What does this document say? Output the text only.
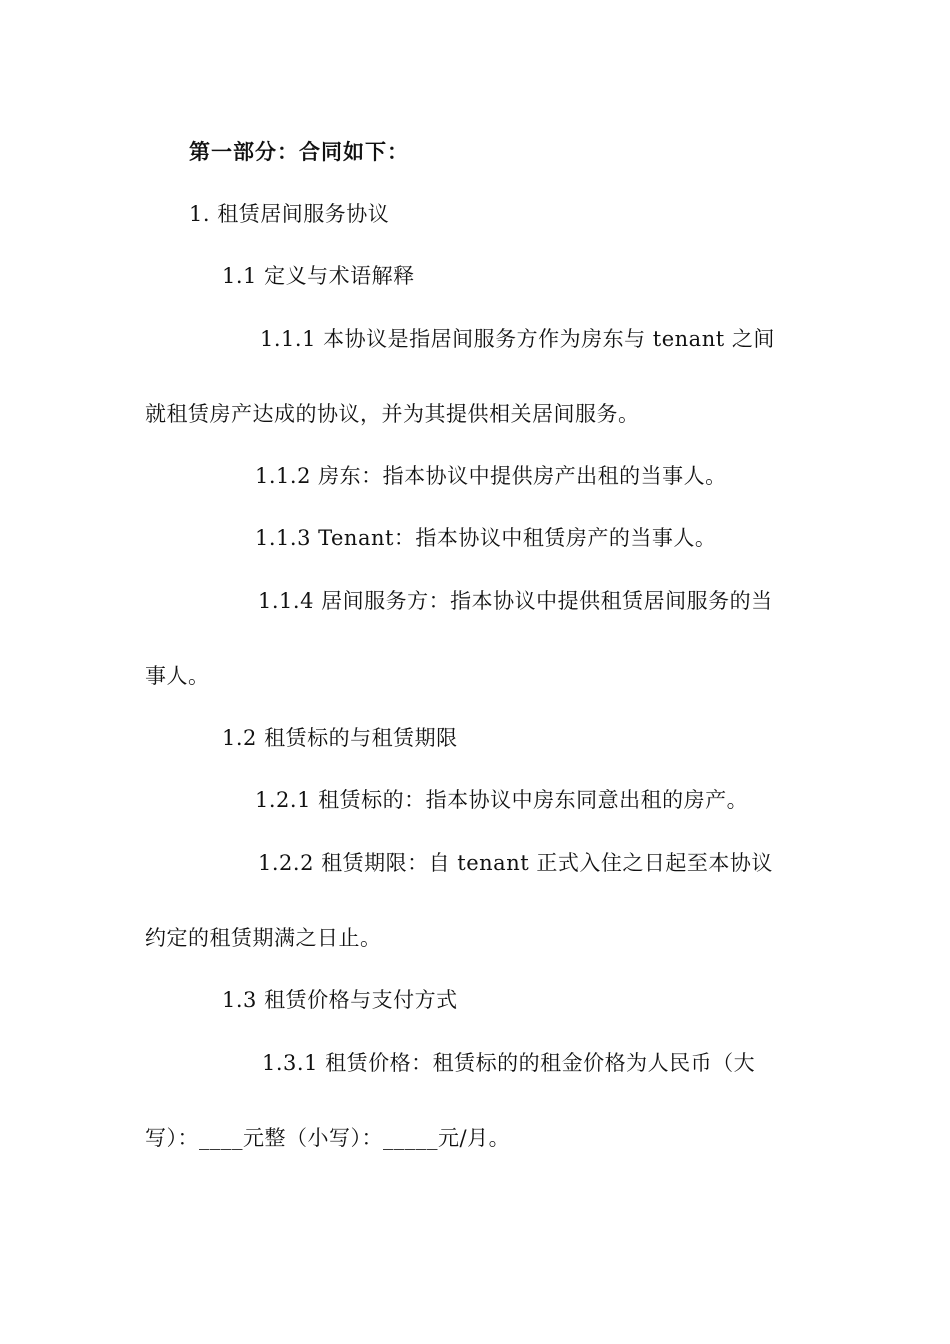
第一部分：合同如下：
1. 租赁居间服务协议
1.1 定义与术语解释
1.1.1 本协议是指居间服务方作为房东与 tenant 之间
就租赁房产达成的协议，并为其提供相关居间服务。
1.1.2 房东：指本协议中提供房产出租的当事人。
1.1.3 Tenant：指本协议中租赁房产的当事人。
1.1.4 居间服务方：指本协议中提供租赁居间服务的当
事人。
1.2 租赁标的与租赁期限
1.2.1 租赁标的：指本协议中房东同意出租的房产。
1.2.2 租赁期限：自 tenant 正式入住之日起至本协议
约定的租赁期满之日止。
1.3 租赁价格与支付方式
1.3.1 租赁价格：租赁标的的租金价格为人民币（大
写）：____元整（小写）：_____元/月。
